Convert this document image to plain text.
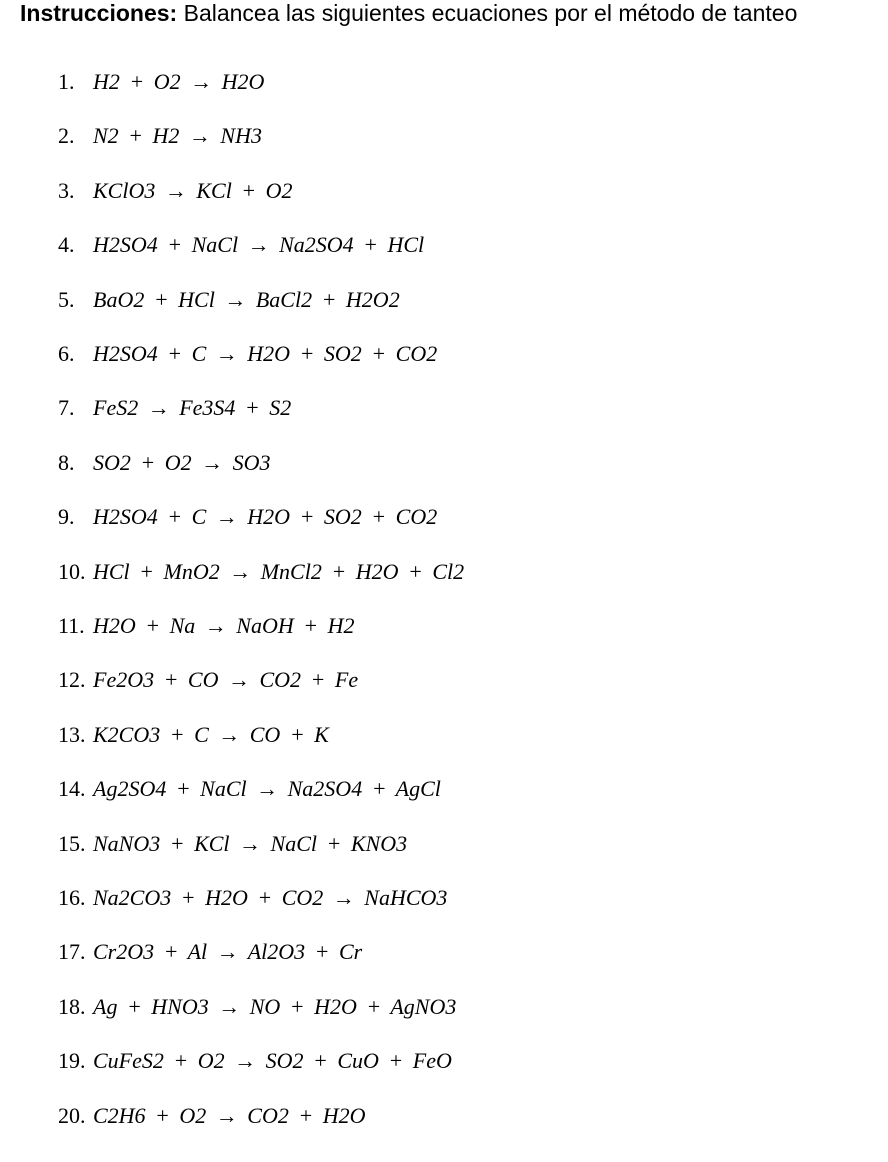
Instrucciones: Balancea las siguientes ecuaciones por el método de tanteo
1. H2 + O2 → H2O
2. N2 + H2 → NH3
3. KClO3 → KCl + O2
4. H2SO4 + NaCl → Na2SO4 + HCl
5. BaO2 + HCl → BaCl2 + H2O2
6. H2SO4 + C → H2O + SO2 + CO2
7. FeS2 → Fe3S4 + S2
8. SO2 + O2 → SO3
9. H2SO4 + C → H2O + SO2 + CO2
10. HCl + MnO2 → MnCl2 + H2O + Cl2
11. H2O + Na → NaOH + H2
12. Fe2O3 + CO → CO2 + Fe
13. K2CO3 + C → CO + K
14. Ag2SO4 + NaCl → Na2SO4 + AgCl
15. NaNO3 + KCl → NaCl + KNO3
16. Na2CO3 + H2O + CO2 → NaHCO3
17. Cr2O3 + Al → Al2O3 + Cr
18. Ag + HNO3 → NO + H2O + AgNO3
19. CuFeS2 + O2 → SO2 + CuO + FeO
20. C2H6 + O2 → CO2 + H2O
